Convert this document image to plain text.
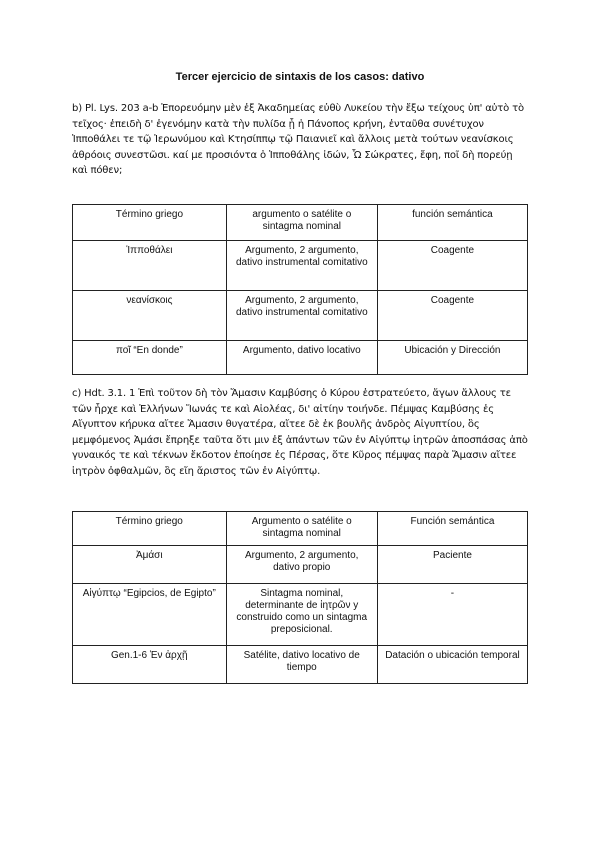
Tercer ejercicio de sintaxis de los casos: dativo
b) Pl. Lys. 203 a-b Ἐπορευόμην μὲν ἐξ Ἀκαδημείας εὐθὺ Λυκείου τὴν ἔξω τείχους ὑπ' αὐτὸ τὸ τεῖχος· ἐπειδὴ δ' ἐγενόμην κατὰ τὴν πυλίδα ᾗ ἡ Πάνοπος κρήνη, ἐνταῦθα συνέτυχον Ἱπποθάλει τε τῷ Ἱερωνύμου καὶ Κτησίππῳ τῷ Παιανιεῖ καὶ ἄλλοις μετὰ τούτων νεανίσκοις ἀθρόοις συνεστῶσι. καί με προσιόντα ὁ Ἱπποθάλης ἰδών, Ὦ Σώκρατες, ἔφη, ποῖ δὴ πορεύῃ καὶ πόθεν;
Término griego	argumento o satélite o sintagma nominal	función semántica
Ἱπποθάλει	Argumento, 2 argumento, dativo instrumental comitativo	Coagente
νεανίσκοις	Argumento, 2 argumento, dativo instrumental comitativo	Coagente
ποῖ “En donde”	Argumento, dativo locativo	Ubicación y Dirección
c) Hdt. 3.1. 1 Ἐπὶ τοῦτον δὴ τὸν Ἄμασιν Καμβύσης ὁ Κύρου ἐστρατεύετο, ἄγων ἄλλους τε τῶν ἦρχε καὶ Ἑλλήνων Ἴωνάς τε καὶ Αἰολέας, δι' αἰτίην τοιήνδε. Πέμψας Καμβύσης ἐς Αἴγυπτον κήρυκα αἴτεε Ἄμασιν θυγατέρα, αἴτεε δὲ ἐκ βουλῆς ἀνδρὸς Αἰγυπτίου, ὃς μεμφόμενος Ἀμάσι ἔπρηξε ταῦτα ὅτι μιν ἐξ ἁπάντων τῶν ἐν Αἰγύπτῳ ἰητρῶν ἀποσπάσας ἀπὸ γυναικός τε καὶ τέκνων ἔκδοτον ἐποίησε ἐς Πέρσας, ὅτε Κῦρος πέμψας παρὰ Ἄμασιν αἴτεε ἰητρὸν ὀφθαλμῶν, ὃς εἴη ἄριστος τῶν ἐν Αἰγύπτῳ.
Término griego	Argumento o satélite o sintagma nominal	Función semántica
Ἀμάσι	Argumento, 2 argumento, dativo propio	Paciente
Αἰγύπτῳ “Egipcios, de Egipto”	Sintagma nominal, determinante de ἰητρῶν y construido como un sintagma preposicional.	-
Gen.1-6 Ἐν ἀρχῇ	Satélite, dativo locativo de tiempo	Datación o ubicación temporal
